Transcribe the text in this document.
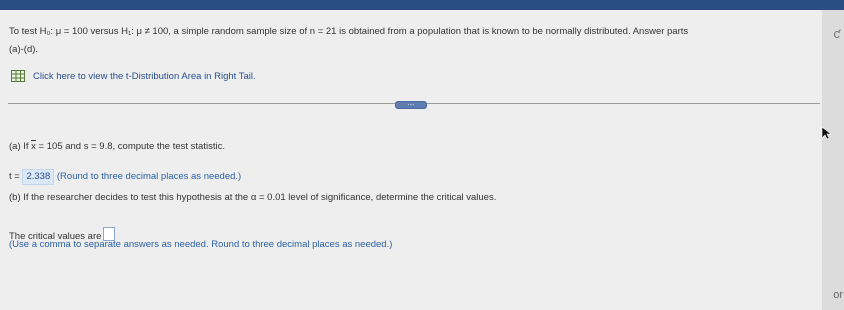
ƈ
or
To test H₀: μ = 100 versus H₁: μ ≠ 100, a simple random sample size of n = 21 is obtained from a population that is known to be normally distributed. Answer parts
(a)-(d).
Click here to view the t-Distribution Area in Right Tail.
....
(a) If $\overline{x} = 105$ and s = 9.8, compute the test statistic.
t = 2.338 (Round to three decimal places as needed.)
(b) If the researcher decides to test this hypothesis at the α = 0.01 level of significance, determine the critical values.
The critical values are
(Use a comma to separate answers as needed. Round to three decimal places as needed.)
